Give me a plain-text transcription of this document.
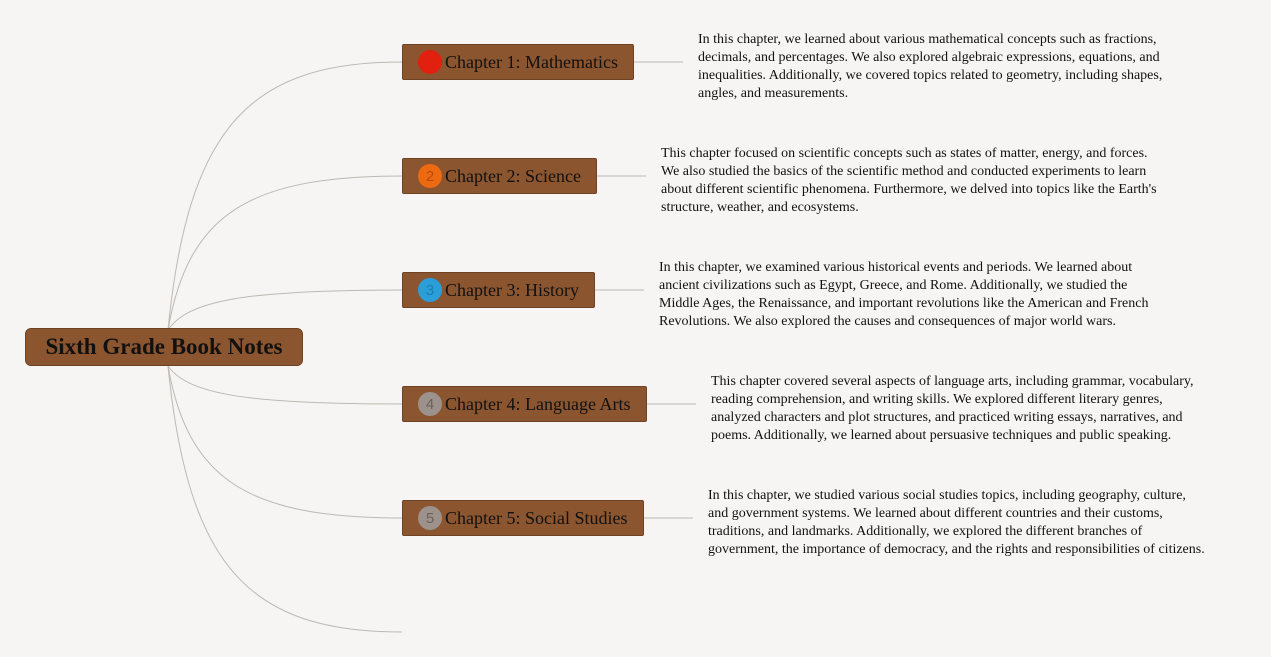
Sixth Grade Book Notes
1 Chapter 1: Mathematics

In this chapter, we learned about various mathematical concepts such as fractions, decimals, and percentages. We also explored algebraic expressions, equations, and inequalities. Additionally, we covered topics related to geometry, including shapes, angles, and measurements.

2 Chapter 2: Science

This chapter focused on scientific concepts such as states of matter, energy, and forces. We also studied the basics of the scientific method and conducted experiments to learn about different scientific phenomena. Furthermore, we delved into topics like the Earth's structure, weather, and ecosystems.

3 Chapter 3: History

In this chapter, we examined various historical events and periods. We learned about ancient civilizations such as Egypt, Greece, and Rome. Additionally, we studied the Middle Ages, the Renaissance, and important revolutions like the American and French Revolutions. We also explored the causes and consequences of major world wars.

4 Chapter 4: Language Arts

This chapter covered several aspects of language arts, including grammar, vocabulary, reading comprehension, and writing skills. We explored different literary genres, analyzed characters and plot structures, and practiced writing essays, narratives, and poems. Additionally, we learned about persuasive techniques and public speaking.

5 Chapter 5: Social Studies

In this chapter, we studied various social studies topics, including geography, culture, and government systems. We learned about different countries and their customs, traditions, and landmarks. Additionally, we explored the different branches of government, the importance of democracy, and the rights and responsibilities of citizens.
